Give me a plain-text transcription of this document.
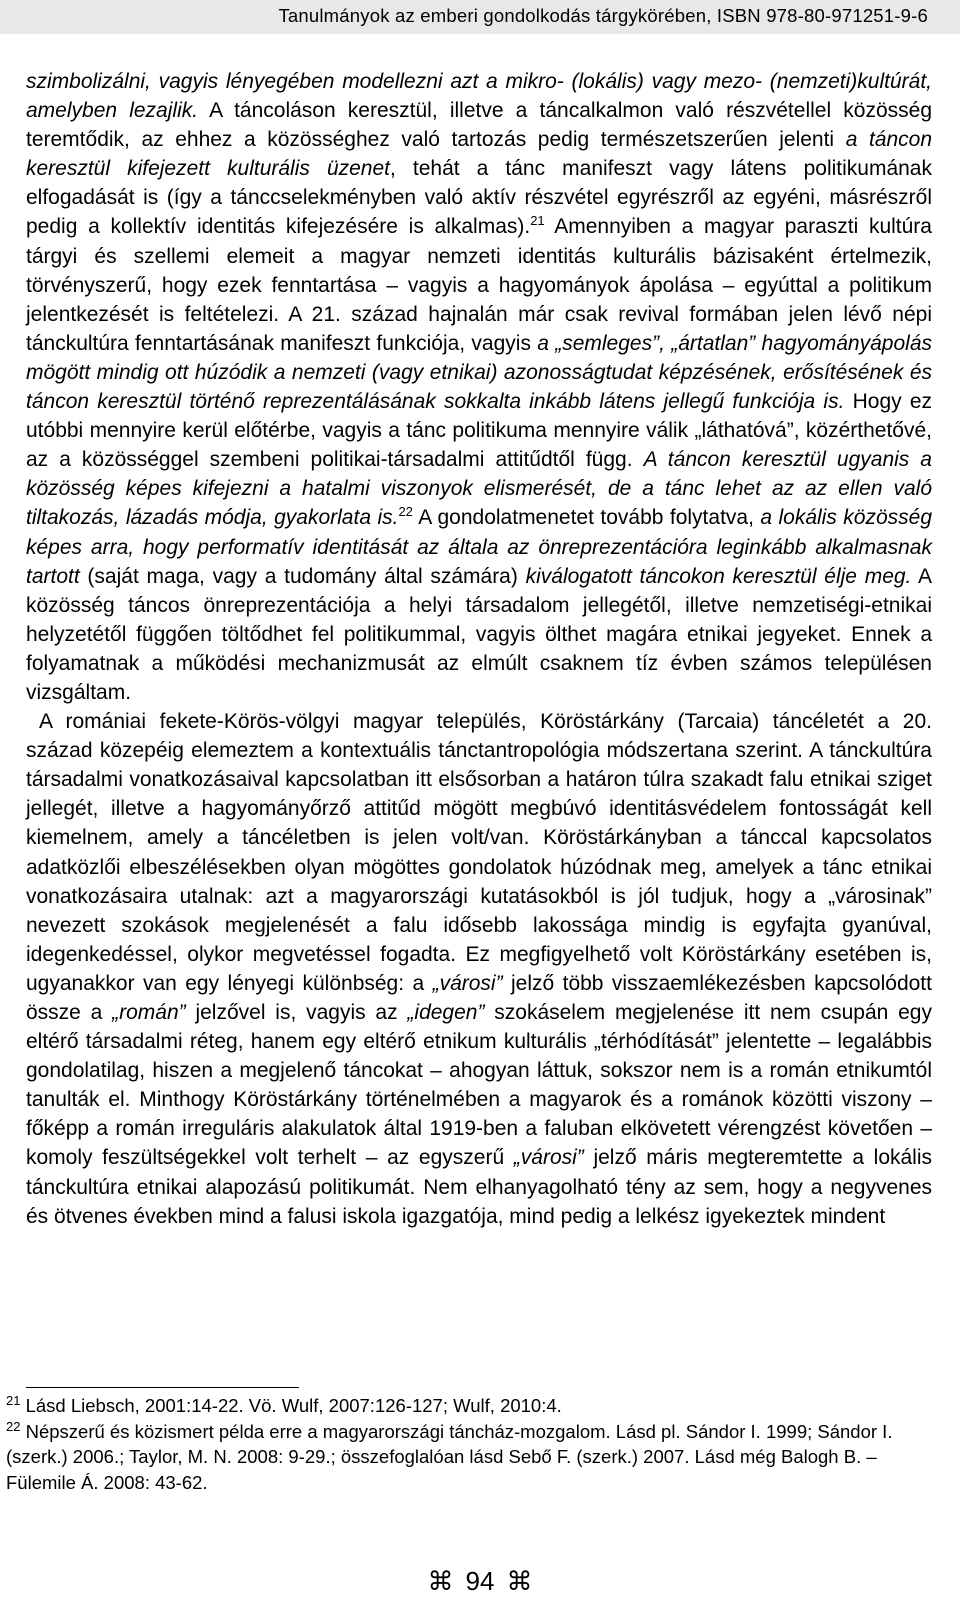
Tanulmányok az emberi gondolkodás tárgykörében, ISBN 978-80-971251-9-6

szimbolizálni, vagyis lényegében modellezni azt a mikro- (lokális) vagy mezo- (nemzeti)kultúrát, amelyben lezajlik. A táncoláson keresztül, illetve a táncalkalmon való részvétellel közösség teremtődik, az ehhez a közösséghez való tartozás pedig természetszerűen jelenti a táncon keresztül kifejezett kulturális üzenet, tehát a tánc manifeszt vagy látens politikumának elfogadását is (így a tánccselekményben való aktív részvétel egyrészről az egyéni, másrészről pedig a kollektív identitás kifejezésére is alkalmas).$^{21}$ Amennyiben a magyar paraszti kultúra tárgyi és szellemi elemeit a magyar nemzeti identitás kulturális bázisaként értelmezik, törvényszerű, hogy ezek fenntartása – vagyis a hagyományok ápolása – egyúttal a politikum jelentkezését is feltételezi. A 21. század hajnalán már csak revival formában jelen lévő népi tánckultúra fenntartásának manifeszt funkciója, vagyis a „semleges”, „ártatlan” hagyományápolás mögött mindig ott húzódik a nemzeti (vagy etnikai) azonosságtudat képzésének, erősítésének és táncon keresztül történő reprezentálásának sokkalta inkább látens jellegű funkciója is. Hogy ez utóbbi mennyire kerül előtérbe, vagyis a tánc politikuma mennyire válik „láthatóvá”, közérthetővé, az a közösséggel szembeni politikai-társadalmi attitűdtől függ. A táncon keresztül ugyanis a közösség képes kifejezni a hatalmi viszonyok elismerését, de a tánc lehet az az ellen való tiltakozás, lázadás módja, gyakorlata is.$^{22}$ A gondolatmenetet tovább folytatva, a lokális közösség képes arra, hogy performatív identitását az általa az önreprezentációra leginkább alkalmasnak tartott (saját maga, vagy a tudomány által számára) kiválogatott táncokon keresztül élje meg. A közösség táncos önreprezentációja a helyi társadalom jellegétől, illetve nemzetiségi-etnikai helyzetétől függően töltődhet fel politikummal, vagyis ölthet magára etnikai jegyeket. Ennek a folyamatnak a működési mechanizmusát az elmúlt csaknem tíz évben számos településen vizsgáltam.

A romániai fekete-Körös-völgyi magyar település, Köröstárkány (Tarcaia) táncéletét a 20. század közepéig elemeztem a kontextuális tánctantropológia módszertana szerint. A tánckultúra társadalmi vonatkozásaival kapcsolatban itt elsősorban a határon túlra szakadt falu etnikai sziget jellegét, illetve a hagyományőrző attitűd mögött megbúvó identitásvédelem fontosságát kell kiemelnem, amely a táncéletben is jelen volt/van. Köröstárkányban a tánccal kapcsolatos adatközlői elbeszélésekben olyan mögöttes gondolatok húzódnak meg, amelyek a tánc etnikai vonatkozásaira utalnak: azt a magyarországi kutatásokból is jól tudjuk, hogy a „városinak” nevezett szokások megjelenését a falu idősebb lakossága mindig is egyfajta gyanúval, idegenkedéssel, olykor megvetéssel fogadta. Ez megfigyelhető volt Köröstárkány esetében is, ugyanakkor van egy lényegi különbség: a „városi” jelző több visszaemlékezésben kapcsolódott össze a „román” jelzővel is, vagyis az „idegen” szokáselem megjelenése itt nem csupán egy eltérő társadalmi réteg, hanem egy eltérő etnikum kulturális „térhódítását” jelentette – legalábbis gondolatilag, hiszen a megjelenő táncokat – ahogyan láttuk, sokszor nem is a román etnikumtól tanulták el. Minthogy Köröstárkány történelmében a magyarok és a románok közötti viszony – főképp a román irreguláris alakulatok által 1919-ben a faluban elkövetett vérengzést követően – komoly feszültségekkel volt terhelt – az egyszerű „városi” jelző máris megteremtette a lokális tánckultúra etnikai alapozású politikumát. Nem elhanyagolható tény az sem, hogy a negyvenes és ötvenes években mind a falusi iskola igazgatója, mind pedig a lelkész igyekeztek mindent

$^{21}$ Lásd Liebsch, 2001:14-22. Vö. Wulf, 2007:126-127; Wulf, 2010:4.

$^{22}$ Népszerű és közismert példa erre a magyarországi táncház-mozgalom. Lásd pl. Sándor I. 1999; Sándor I. (szerk.) 2006.; Taylor, M. N. 2008: 9-29.; összefoglalóan lásd Sebő F. (szerk.) 2007. Lásd még Balogh B. – Fülemile Á. 2008: 43-62.

⌘ 94 ⌘
